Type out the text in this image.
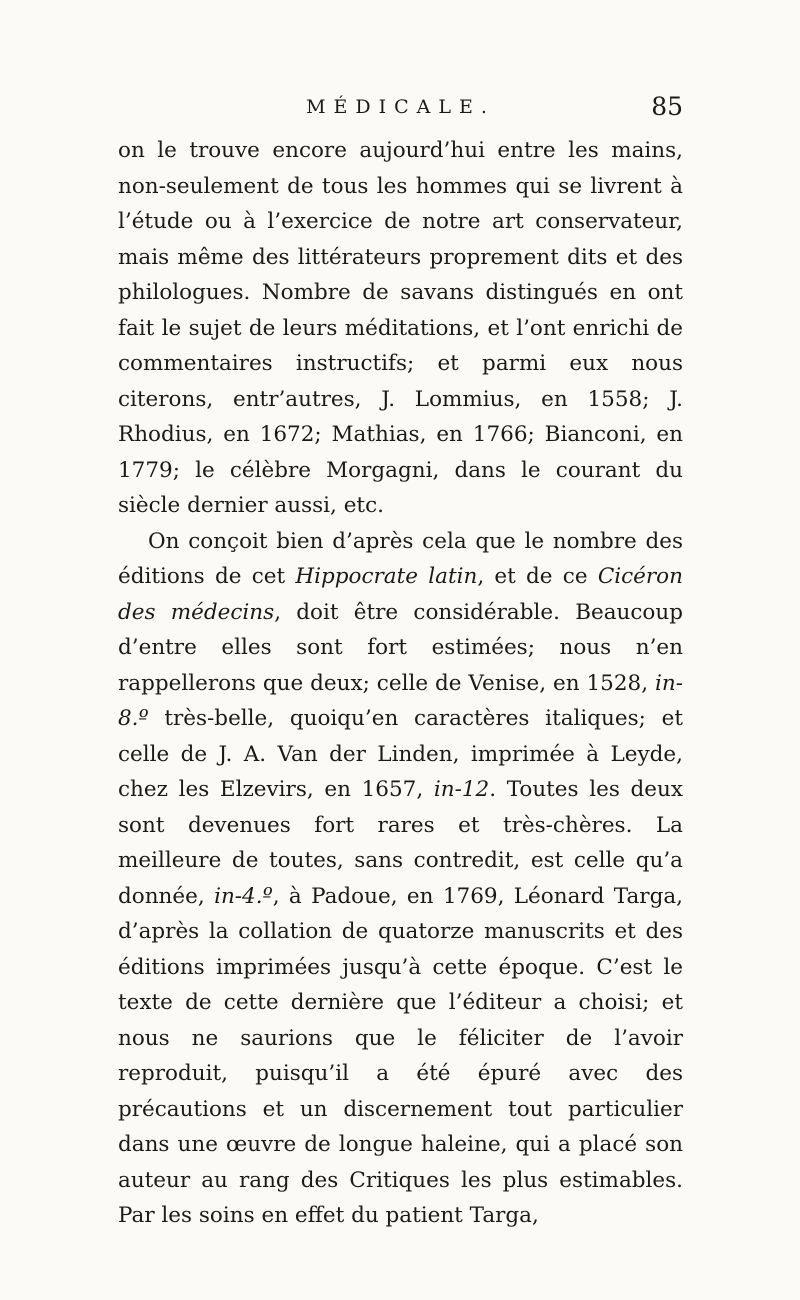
MÉDICALE.	85

on le trouve encore aujourd’hui entre les mains, non-seulement de tous les hommes qui se livrent à l’étude ou à l’exercice de notre art conservateur, mais même des littérateurs proprement dits et des philologues. Nombre de savans distingués en ont fait le sujet de leurs méditations, et l’ont enrichi de commentaires instructifs; et parmi eux nous citerons, entr’autres, J. Lommius, en 1558; J. Rhodius, en 1672; Mathias, en 1766; Bianconi, en 1779; le célèbre Morgagni, dans le courant du siècle dernier aussi, etc.

On conçoit bien d’après cela que le nombre des éditions de cet Hippocrate latin, et de ce Cicéron des médecins, doit être considérable. Beaucoup d’entre elles sont fort estimées; nous n’en rappellerons que deux; celle de Venise, en 1528, in-8.º très-belle, quoiqu’en caractères italiques; et celle de J. A. Van der Linden, imprimée à Leyde, chez les Elzevirs, en 1657, in-12. Toutes les deux sont devenues fort rares et très-chères. La meilleure de toutes, sans contredit, est celle qu’a donnée, in-4.º, à Padoue, en 1769, Léonard Targa, d’après la collation de quatorze manuscrits et des éditions imprimées jusqu’à cette époque. C’est le texte de cette dernière que l’éditeur a choisi; et nous ne saurions que le féliciter de l’avoir reproduit, puisqu’il a été épuré avec des précautions et un discernement tout particulier dans une œuvre de longue haleine, qui a placé son auteur au rang des Critiques les plus estimables. Par les soins en effet du patient Targa,
